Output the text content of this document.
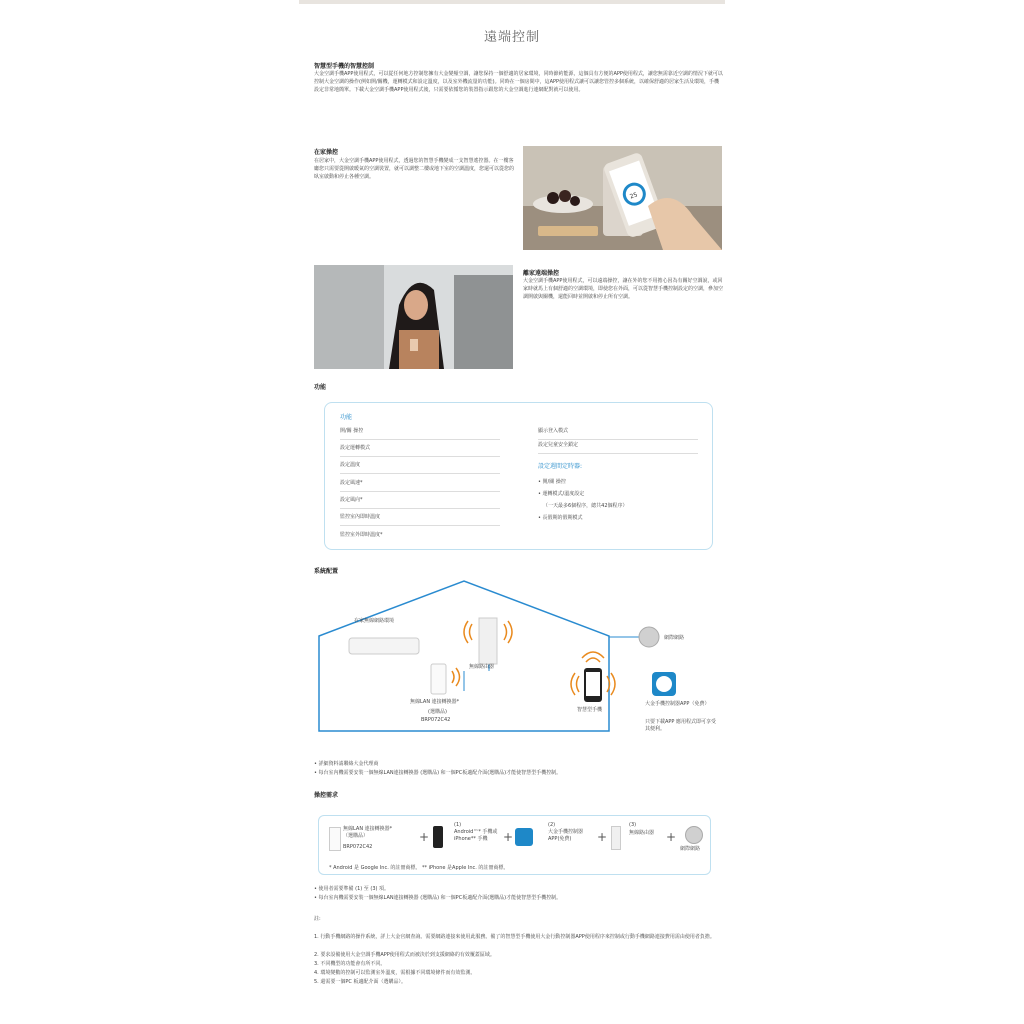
遠端控制
智慧型手機的智慧控制
大金空調手機APP使用程式，可以從任何地方控制您擁有大金變頻空調，讓您保持一個舒適的居家環境，同時節約能源，這個具有方便的APP使用程式，讓您無需靠近空調的情況下就可以控制大金空調的操作(例如開/關機，運轉模式和設定溫度，以及室外機流量的功能)。同時在一個房間中，這APP使用程式讓可以讓您管控多個系統，以確保舒適的居家生活及環境，手機設定非常地簡單。下載大金空調手機APP使用程式後，只需要依循您的裝置指示跟您的大金空調進行連網配對就可以使用。
在家操控
在居家中，大金空調手機APP使用程式，透過您的智慧手機變成一支智慧遙控器。在一樓客廳您只需要從開啟暖氣的空調裝置，就可以調整二樓或地下室的空調溫度，您還可以從您的臥室啟動和停止各種空調。
25
離家遠端操控
大金空調手機APP使用程式，可以遠端操控，讓在外的您不用擔心因為有關好空調說，或回家時就馬上有個舒適的空調環境，即使您在外面，可以從智慧手機控制設定的空調，參加空調開啟與關機，還能回時並開啟和停止所有空調。
功能
功能
開/關 操控
設定運轉模式
設定溫度
設定風速*
設定風向*
監控室內即時溫度
監控室外即時溫度*
顯示登入模式
設定兒童安全鎖定
設定週間定時器:
• 開/關 操控
• 運轉模式/溫度設定
（一天最多6個程序，總共42個程序）
• 長假期的假期模式
系統配置
在家無線網路環境
無線路由器
無線LAN 連接轉換器*
(選購品)
BRP072C42
智慧型手機
網際網路
大金手機控制器APP（免費）
只要下載APP 應用程式即可享受其便利。
• 詳細資料請聯絡大金代理商
• 每台室內機需要安裝一個無線LAN連接轉換器 (選購品) 和一個PC板適配介面(選購品)才能使智慧型手機控制。
操控需求
無線LAN 連接轉換器*（選購品）
BRP072C42
+
(1)
Android™* 手機或 iPhone** 手機	+
(2)
大金手機控制器APP(免費)	+
(3)
無線路由器 +
網際網路
* Android 是 Google Inc. 的註冊商標。 ** iPhone 是Apple Inc. 的註冊商標。
• 使用者需要準備 (1) 至 (3) 項。
• 每台室內機需要安裝一個無線LAN連接轉換器 (選購品) 和一個PC板適配介面(選購品)才能使智慧型手機控制。
註:
1. 行動手機網路的操作系統，詳上大金官網查詢。需要網路連接來使用此服務。備了的智慧型手機使用大金行動控制器APP使用程序來控制或行動手機網路連接費用需由使用者負擔。
2. 要求設備使用大金空調手機APP使用程式而被決於到支援網絡的有效覆蓋區域。
3. 不同機型的功能會有所不同。
4. 環境變數的控制可以監測室外溫度，需根據不同環境條件而有效監測。
5. 還需要一個PC 板適配介面（選購品）。
